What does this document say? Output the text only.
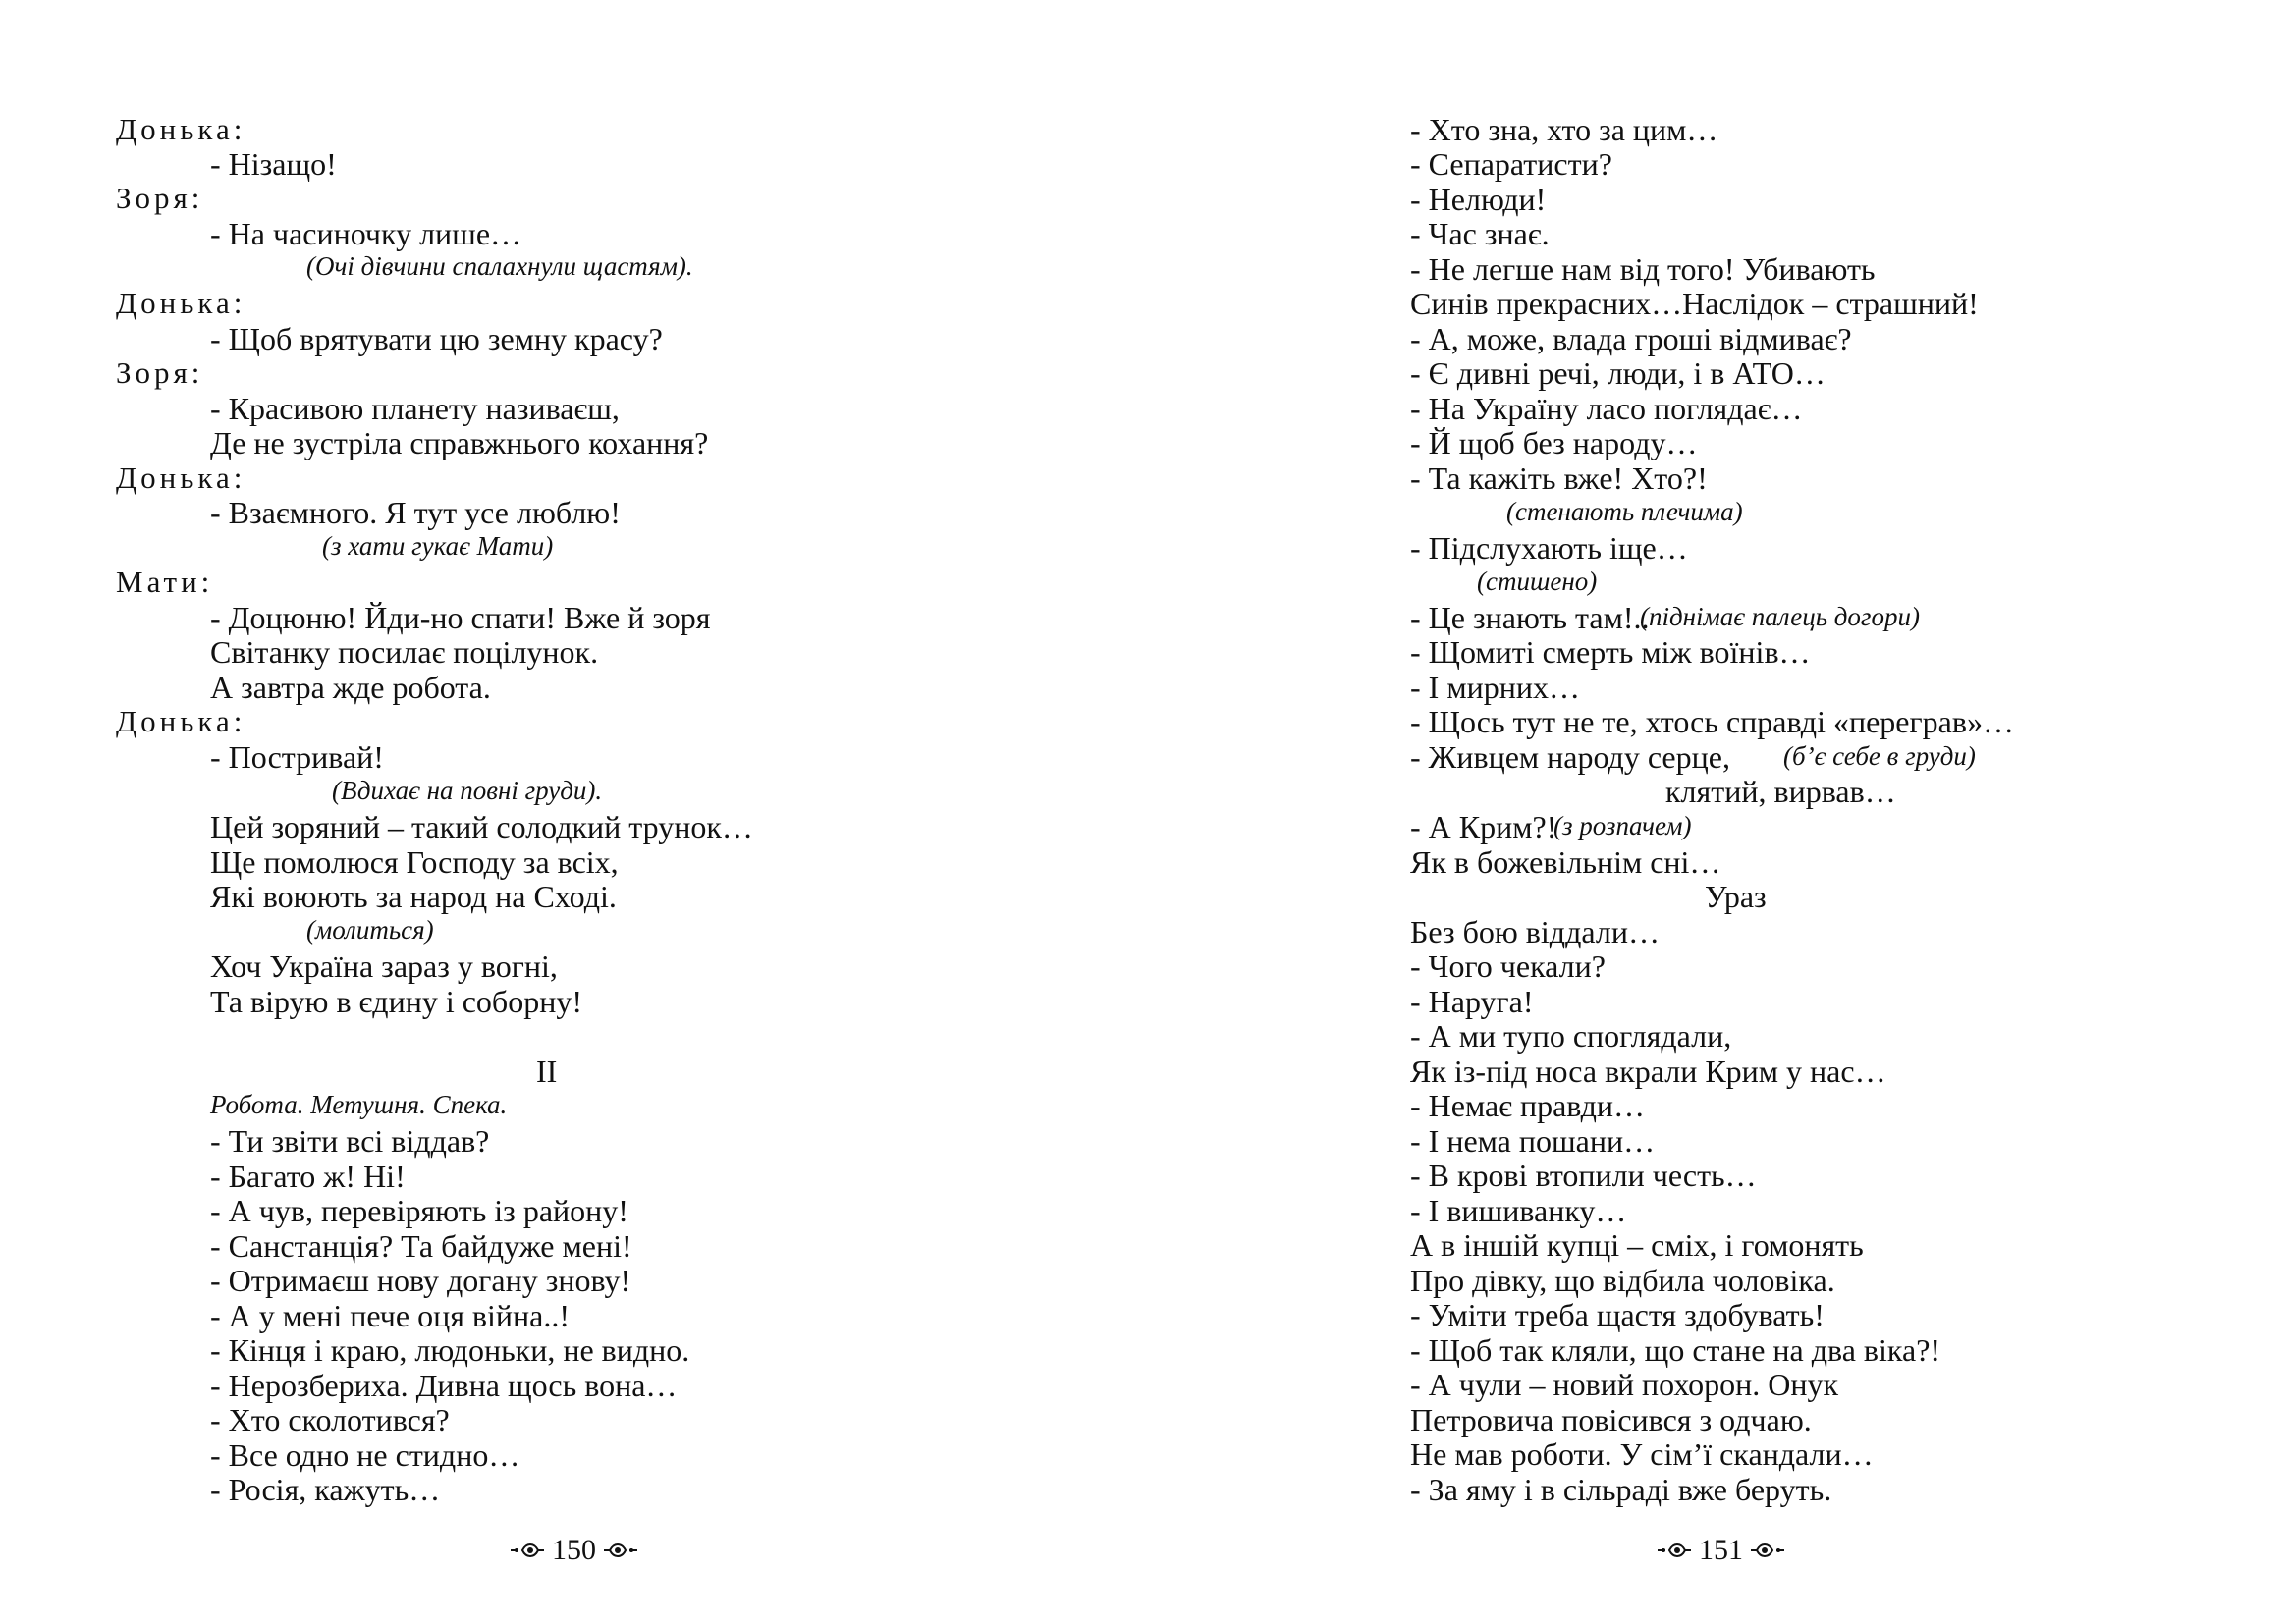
Донька:
- Нізащо!
Зоря:
- На часиночку лише…
(Очі дівчини спалахнули щастям).
Донька:
- Щоб врятувати цю земну красу?
Зоря:
- Красивою планету називаєш,
Де не зустріла справжнього кохання?
Донька:
- Взаємного. Я тут усе люблю!
(з хати гукає Мати)
Мати:
- Доцюню! Йди-но спати! Вже й зоря
Світанку посилає поцілунок.
А завтра жде робота.
Донька:
- Постривай!
(Вдихає на повні груди).
Цей зоряний – такий солодкий трунок…
Ще помолюся Господу за всіх,
Які воюють за народ на Сході.
(молиться)
Хоч Україна зараз у вогні,
Та вірую в єдину і соборну!
ІІ
Робота. Метушня. Спека.
- Ти звіти всі віддав?
- Багато ж! Ні!
- А чув, перевіряють із району!
- Санстанція? Та байдуже мені!
- Отримаєш нову догану знову!
- А у мені пече оця війна..!
- Кінця і краю, людоньки, не видно.
- Нерозбериха. Дивна щось вона…
- Хто сколотився?
- Все одно не стидно…
- Росія, кажуть…
150
- Хто зна, хто за цим…
- Сепаратисти?
- Нелюди!
- Час знає.
- Не легше нам від того! Убивають
Синів прекрасних…Наслідок – страшний!
- А, може, влада гроші відмиває?
- Є дивні речі, люди, і в АТО…
- На Україну ласо поглядає…
- Й щоб без народу…
- Та кажіть вже! Хто?!
(стенають плечима)
- Підслухають іще…
(стишено)
- Це знають там!..
(піднімає палець догори)
- Щомиті смерть між воїнів…
- І мирних…
- Щось тут не те, хтось справді «переграв»…
- Живцем народу серце, (б’є себе в груди)
клятий, вирвав…
- А Крим?!
(з розпачем)
Як в божевільнім сні…
Ураз
Без бою віддали…
- Чого чекали?
- Наруга!
- А ми тупо споглядали,
Як із-під носа вкрали Крим у нас…
- Немає правди…
- І нема пошани…
- В крові втопили честь…
- І вишиванку…
А в іншій купці – сміх, і гомонять
Про дівку, що відбила чоловіка.
- Уміти треба щастя здобувать!
- Щоб так кляли, що стане на два віка?!
- А чули – новий похорон. Онук
Петровича повісився з одчаю.
Не мав роботи. У сім’ї скандали…
- За яму і в сільраді вже беруть.
151
